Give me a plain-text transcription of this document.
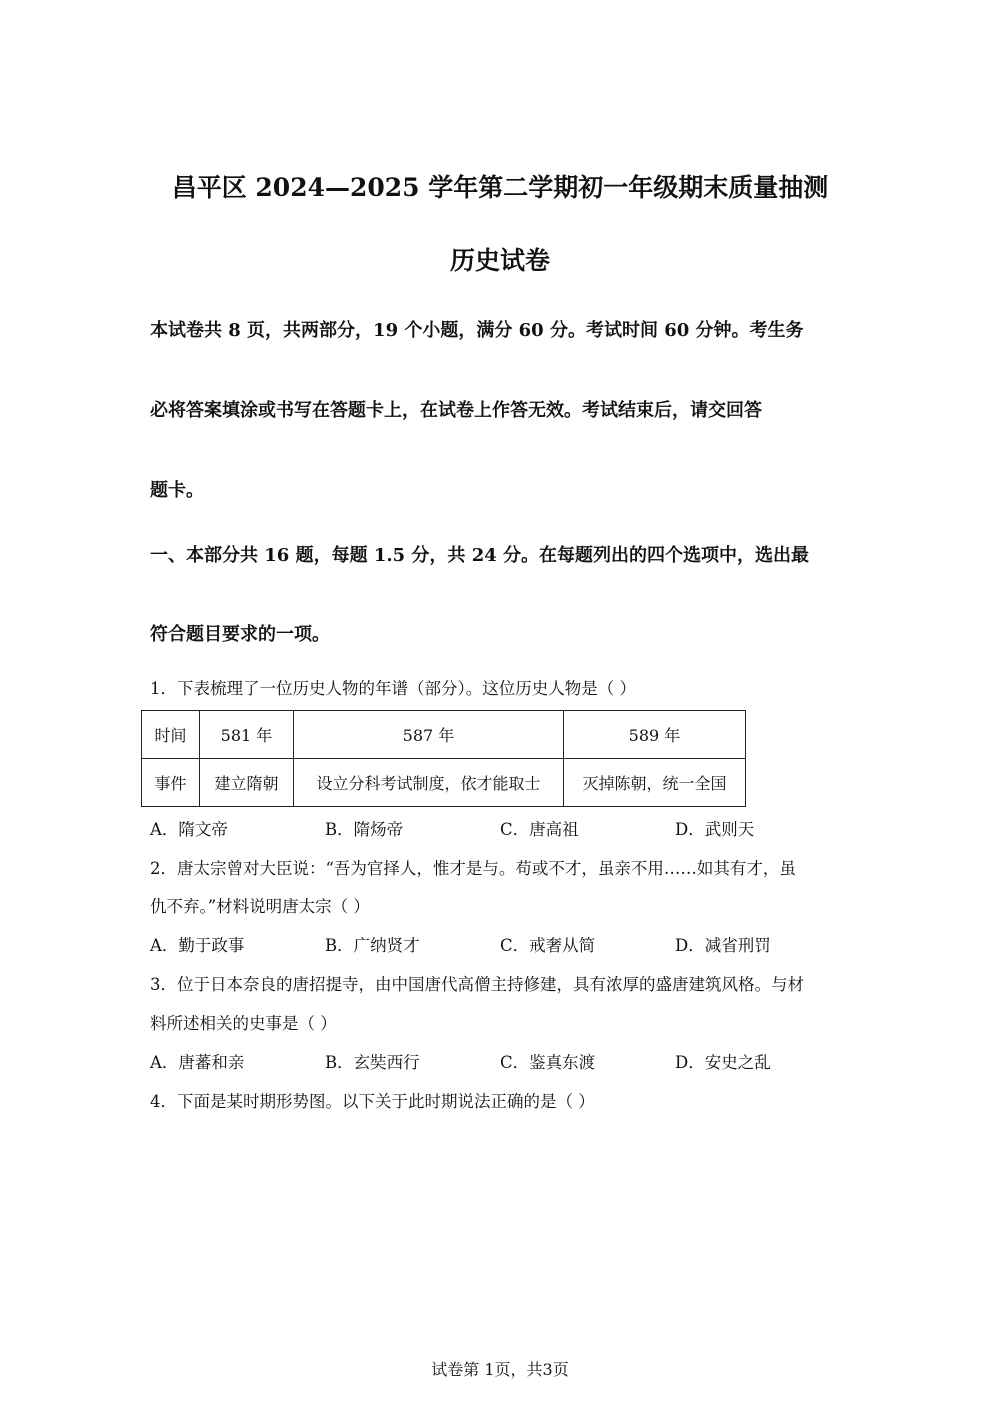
昌平区 2024—2025 学年第二学期初一年级期末质量抽测
历史试卷
本试卷共 8 页，共两部分，19 个小题，满分 60 分。考试时间 60 分钟。考生务
必将答案填涂或书写在答题卡上，在试卷上作答无效。考试结束后，请交回答
题卡。
一、本部分共 16 题，每题 1.5 分，共 24 分。在每题列出的四个选项中，选出最
符合题目要求的一项。
1．下表梳理了一位历史人物的年谱（部分）。这位历史人物是（ ）
时间	581 年	587 年	589 年
事件	建立隋朝	设立分科考试制度，依才能取士	灭掉陈朝，统一全国
A．隋文帝	B．隋炀帝	C．唐高祖	D．武则天
2．唐太宗曾对大臣说：“吾为官择人，惟才是与。苟或不才，虽亲不用……如其有才，虽
仇不弃。”材料说明唐太宗（ ）
A．勤于政事	B．广纳贤才	C．戒奢从简	D．减省刑罚
3．位于日本奈良的唐招提寺，由中国唐代高僧主持修建，具有浓厚的盛唐建筑风格。与材
料所述相关的史事是（ ）
A．唐蕃和亲	B．玄奘西行	C．鉴真东渡	D．安史之乱
4．下面是某时期形势图。以下关于此时期说法正确的是（ ）
试卷第 1页，共3页
